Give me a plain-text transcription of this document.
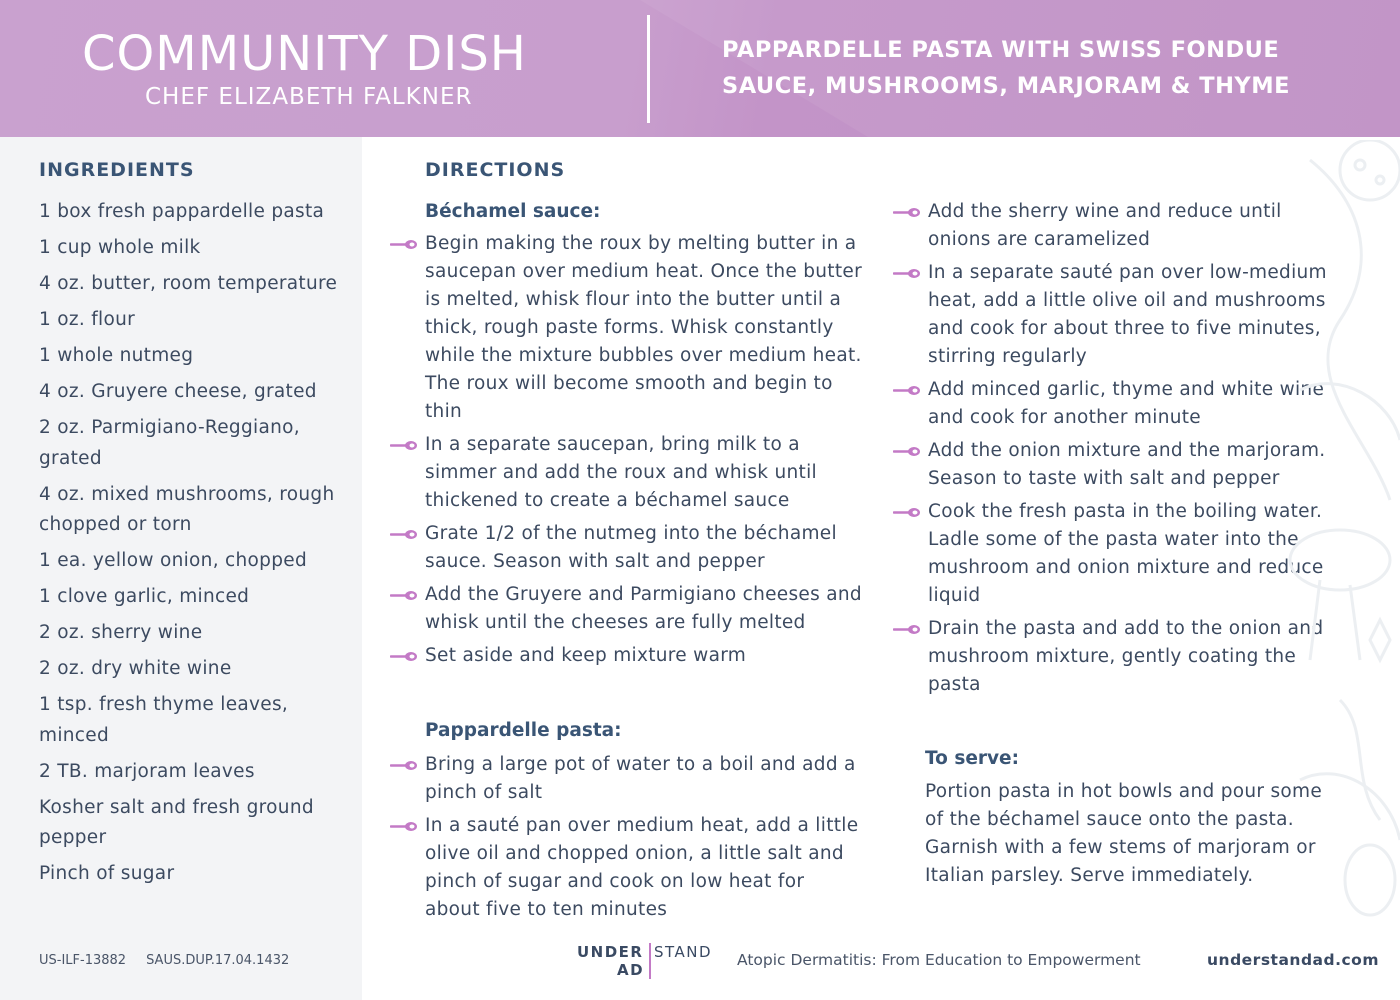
COMMUNITY DISH
CHEF ELIZABETH FALKNER
PAPPARDELLE PASTA WITH SWISS FONDUE
SAUCE, MUSHROOMS, MARJORAM & THYME
INGREDIENTS
1 box fresh pappardelle pasta
1 cup whole milk
4 oz. butter, room temperature
1 oz. flour
1 whole nutmeg
4 oz. Gruyere cheese, grated
2 oz. Parmigiano-Reggiano, grated
4 oz. mixed mushrooms, rough chopped or torn
1 ea. yellow onion, chopped
1 clove garlic, minced
2 oz. sherry wine
2 oz. dry white wine
1 tsp. fresh thyme leaves, minced
2 TB. marjoram leaves
Kosher salt and fresh ground pepper
Pinch of sugar
US-ILF-13882 SAUS.DUP.17.04.1432
DIRECTIONS
Béchamel sauce:
Begin making the roux by melting butter in a saucepan over medium heat. Once the butter is melted, whisk flour into the butter until a thick, rough paste forms. Whisk constantly while the mixture bubbles over medium heat. The roux will become smooth and begin to thin
In a separate saucepan, bring milk to a simmer and add the roux and whisk until thickened to create a béchamel sauce
Grate 1/2 of the nutmeg into the béchamel sauce. Season with salt and pepper
Add the Gruyere and Parmigiano cheeses and whisk until the cheeses are fully melted
Set aside and keep mixture warm
Pappardelle pasta:
Bring a large pot of water to a boil and add a pinch of salt
In a sauté pan over medium heat, add a little olive oil and chopped onion, a little salt and pinch of sugar and cook on low heat for about five to ten minutes
Add the sherry wine and reduce until onions are caramelized
In a separate sauté pan over low-medium heat, add a little olive oil and mushrooms and cook for about three to five minutes, stirring regularly
Add minced garlic, thyme and white wine and cook for another minute
Add the onion mixture and the marjoram. Season to taste with salt and pepper
Cook the fresh pasta in the boiling water. Ladle some of the pasta water into the mushroom and onion mixture and reduce liquid
Drain the pasta and add to the onion and mushroom mixture, gently coating the pasta
To serve:
Portion pasta in hot bowls and pour some of the béchamel sauce onto the pasta. Garnish with a few stems of marjoram or Italian parsley. Serve immediately.
UNDER
AD
STAND Atopic Dermatitis: From Education to Empowerment	understandad.com
